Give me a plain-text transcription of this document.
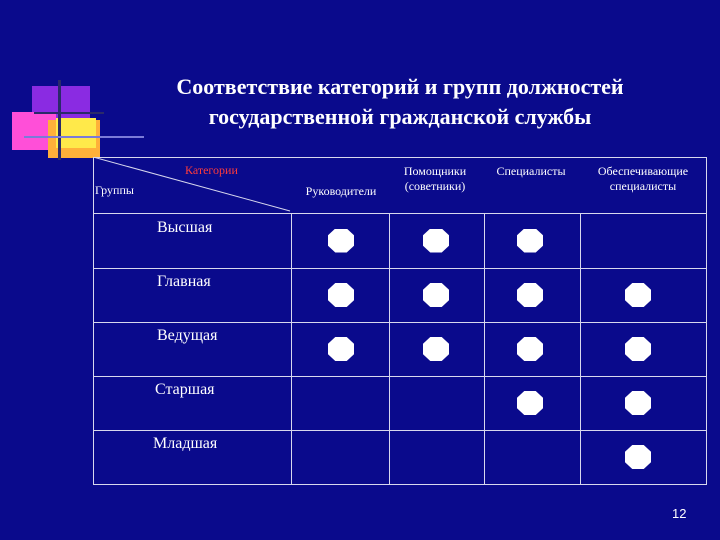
Соответствие категорий и групп должностей
государственной гражданской службы
Категории
Группы	Руководители
Помощники (советники)
Специалисты	Обеспечивающие специалисты
Высшая
Главная
Ведущая
Старшая
Младшая
12
